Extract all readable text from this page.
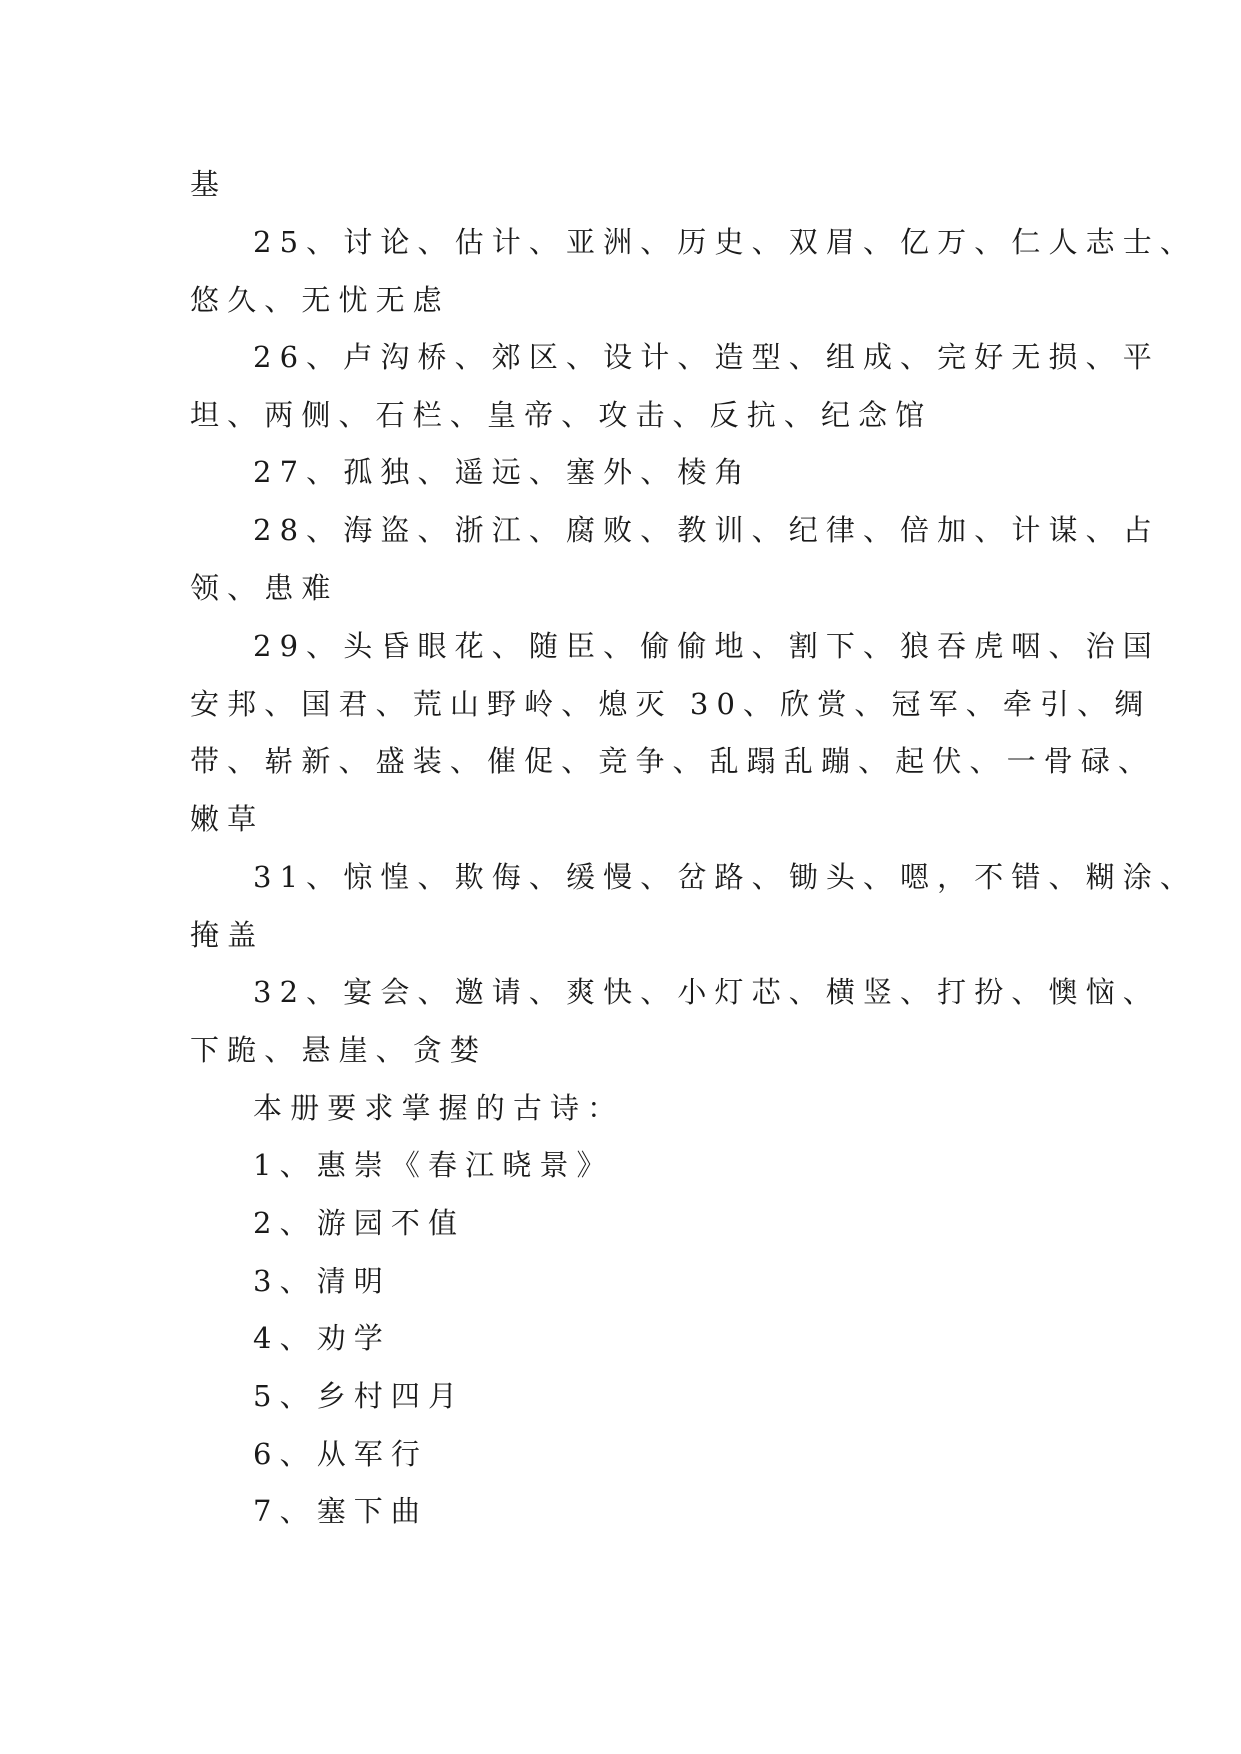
基
25、讨论、估计、亚洲、历史、双眉、亿万、仁人志士、
悠久、无忧无虑
26、卢沟桥、郊区、设计、造型、组成、完好无损、平
坦、两侧、石栏、皇帝、攻击、反抗、纪念馆
27、孤独、遥远、塞外、棱角
28、海盗、浙江、腐败、教训、纪律、倍加、计谋、占
领、患难
29、头昏眼花、随臣、偷偷地、割下、狼吞虎咽、治国
安邦、国君、荒山野岭、熄灭 30、欣赏、冠军、牵引、绸
带、崭新、盛装、催促、竞争、乱蹋乱蹦、起伏、一骨碌、
嫩草
31、惊惶、欺侮、缓慢、岔路、锄头、嗯，不错、糊涂、
掩盖
32、宴会、邀请、爽快、小灯芯、横竖、打扮、懊恼、
下跪、悬崖、贪婪
本册要求掌握的古诗：
1、惠崇《春江晓景》
2、游园不值
3、清明
4、劝学
5、乡村四月
6、从军行
7、塞下曲
